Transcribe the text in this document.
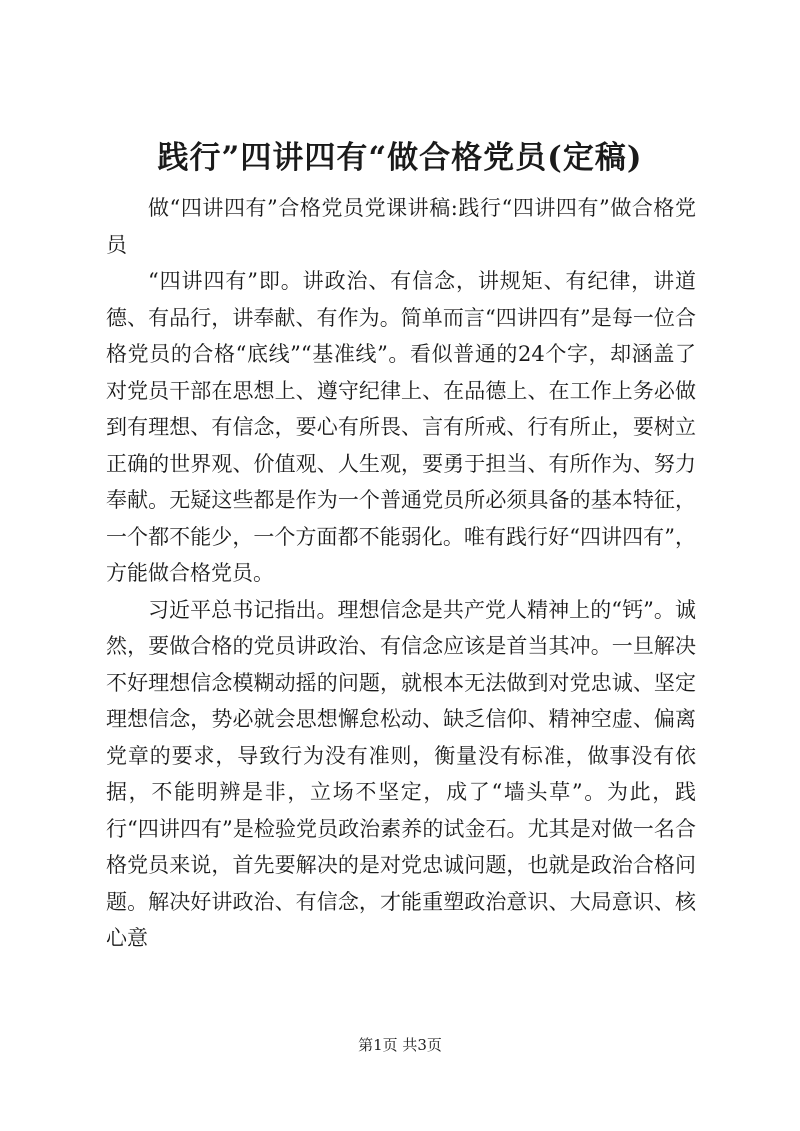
践行”四讲四有“做合格党员(定稿)

做“四讲四有”合格党员党课讲稿:践行“四讲四有”做合格党员

“四讲四有”即。讲政治、有信念，讲规矩、有纪律，讲道德、有品行，讲奉献、有作为。简单而言“四讲四有”是每一位合格党员的合格“底线”“基准线”。看似普通的24个字，却涵盖了对党员干部在思想上、遵守纪律上、在品德上、在工作上务必做到有理想、有信念，要心有所畏、言有所戒、行有所止，要树立正确的世界观、价值观、人生观，要勇于担当、有所作为、努力奉献。无疑这些都是作为一个普通党员所必须具备的基本特征，一个都不能少，一个方面都不能弱化。唯有践行好“四讲四有”，方能做合格党员。

习近平总书记指出。理想信念是共产党人精神上的“钙”。诚然，要做合格的党员讲政治、有信念应该是首当其冲。一旦解决不好理想信念模糊动摇的问题，就根本无法做到对党忠诚、坚定理想信念，势必就会思想懈怠松动、缺乏信仰、精神空虚、偏离党章的要求，导致行为没有准则，衡量没有标准，做事没有依据，不能明辨是非，立场不坚定，成了“墙头草”。为此，践行“四讲四有”是检验党员政治素养的试金石。尤其是对做一名合格党员来说，首先要解决的是对党忠诚问题，也就是政治合格问题。解决好讲政治、有信念，才能重塑政治意识、大局意识、核心意

第1页 共3页
